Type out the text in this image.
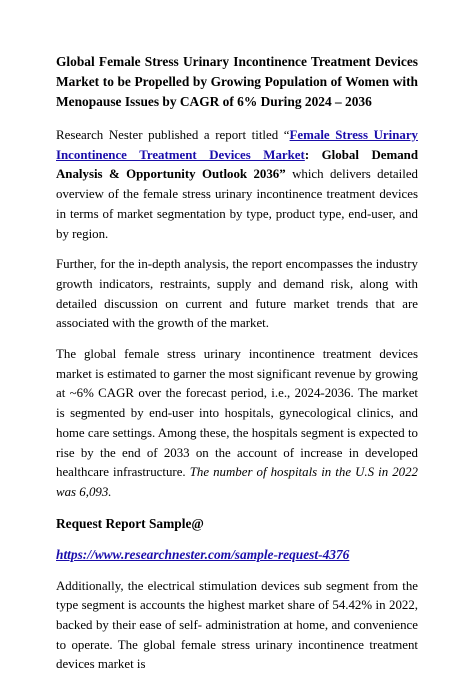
Global Female Stress Urinary Incontinence Treatment Devices Market to be Propelled by Growing Population of Women with Menopause Issues by CAGR of 6% During 2024 – 2036

Research Nester published a report titled “Female Stress Urinary Incontinence Treatment Devices Market: Global Demand Analysis & Opportunity Outlook 2036” which delivers detailed overview of the female stress urinary incontinence treatment devices in terms of market segmentation by type, product type, end-user, and by region.

Further, for the in-depth analysis, the report encompasses the industry growth indicators, restraints, supply and demand risk, along with detailed discussion on current and future market trends that are associated with the growth of the market.

The global female stress urinary incontinence treatment devices market is estimated to garner the most significant revenue by growing at ~6% CAGR over the forecast period, i.e., 2024-2036. The market is segmented by end-user into hospitals, gynecological clinics, and home care settings. Among these, the hospitals segment is expected to rise by the end of 2033 on the account of increase in developed healthcare infrastructure. The number of hospitals in the U.S in 2022 was 6,093.

Request Report Sample@
https://www.researchnester.com/sample-request-4376

Additionally, the electrical stimulation devices sub segment from the type segment is accounts the highest market share of 54.42% in 2022, backed by their ease of self- administration at home, and convenience to operate. The global female stress urinary incontinence treatment devices market is
